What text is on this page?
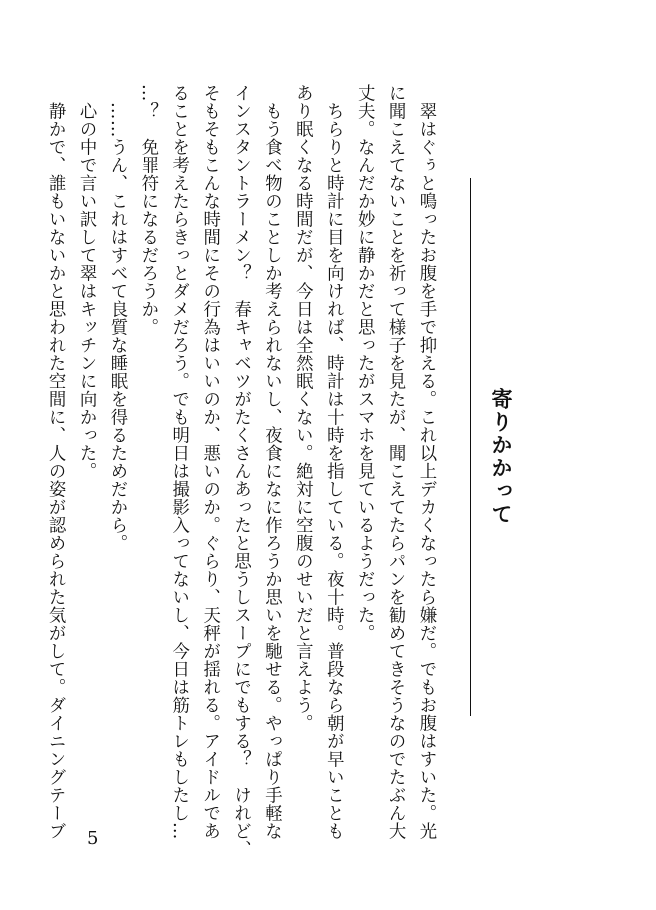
寄りかかって
　翠はぐぅと鳴ったお腹を手で抑える。これ以上デカくなったら嫌だ。でもお腹はすいた。光
に聞こえてないことを祈って様子を見たが、聞こえてたらパンを勧めてきそうなのでたぶん大
丈夫。なんだか妙に静かだと思ったがスマホを見ているようだった。
　ちらりと時計に目を向ければ、時計は十時を指している。夜十時。普段なら朝が早いことも
あり眠くなる時間だが、今日は全然眠くない。絶対に空腹のせいだと言えよう。
　もう食べ物のことしか考えられないし、夜食になに作ろうか思いを馳せる。やっぱり手軽な
インスタントラーメン？　春キャベツがたくさんあったと思うしスープにでもする？　けれど、
そもそもこんな時間にその行為はいいのか、悪いのか。ぐらり、天秤が揺れる。アイドルであ
ることを考えたらきっとダメだろう。でも明日は撮影入ってないし、今日は筋トレもしたし…
…？　免罪符になるだろうか。
　……うん、これはすべて良質な睡眠を得るためだから。
　心の中で言い訳して翠はキッチンに向かった。
　静かで、誰もいないかと思われた空間に、人の姿が認められた気がして。ダイニングテーブ 5
